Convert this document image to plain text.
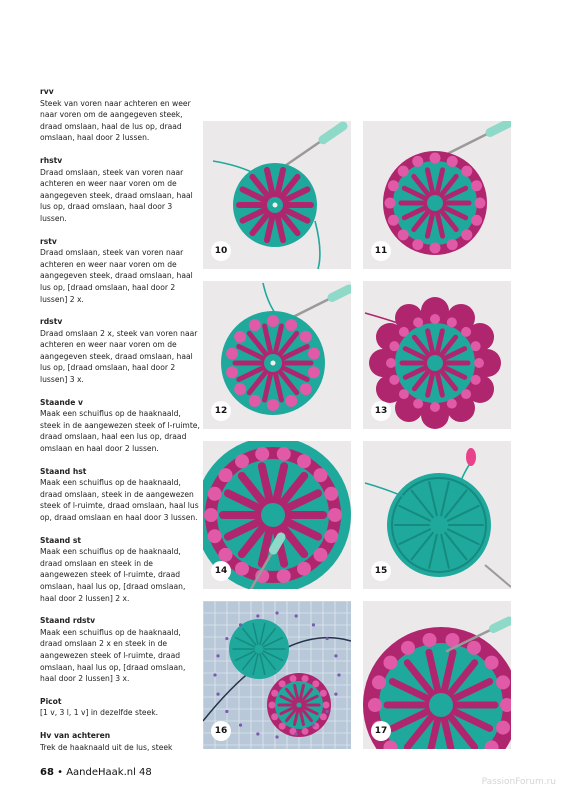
rvv
Steek van voren naar achteren en weer naar voren om de aangegeven steek, draad omslaan, haal de lus op, draad omslaan, haal door 2 lussen.
rhstv
Draad omslaan, steek van voren naar achteren en weer naar voren om de aangegeven steek, draad omslaan, haal lus op, draad omslaan, haal door 3 lussen.
rstv
Draad omslaan, steek van voren naar achteren en weer naar voren om de aangegeven steek, draad omslaan, haal lus op, [draad omslaan, haal door 2 lussen] 2 x.
rdstv
Draad omslaan 2 x, steek van voren naar achteren en weer naar voren om de aangegeven steek, draad omslaan, haal lus op, [draad omslaan, haal door 2 lussen] 3 x.
Staande v
Maak een schuiflus op de haaknaald, steek in de aangewezen steek of l-ruimte, draad omslaan, haal een lus op, draad omslaan en haal door 2 lussen.
Staand hst
Maak een schuiflus op de haaknaald, draad omslaan, steek in de aangewezen steek of l-ruimte, draad omslaan, haal lus op, draad omslaan en haal door 3 lussen.
Staand st
Maak een schuiflus op de haaknaald, draad omslaan en steek in de aangewezen steek of l-ruimte, draad omslaan, haal lus op, [draad omslaan, haal door 2 lussen] 2 x.
Staand rdstv
Maak een schuiflus op de haaknaald, draad omslaan 2 x en steek in de aangewezen steek of l-ruimte, draad omslaan, haal lus op, [draad omslaan, haal door 2 lussen] 3 x.
Picot
[1 v, 3 l, 1 v] in dezelfde steek.
Hv van achteren
Trek de haaknaald uit de lus, steek
10	11
12	13
14	15
16	17
68 • AandeHaak.nl 48
PassionForum.ru
